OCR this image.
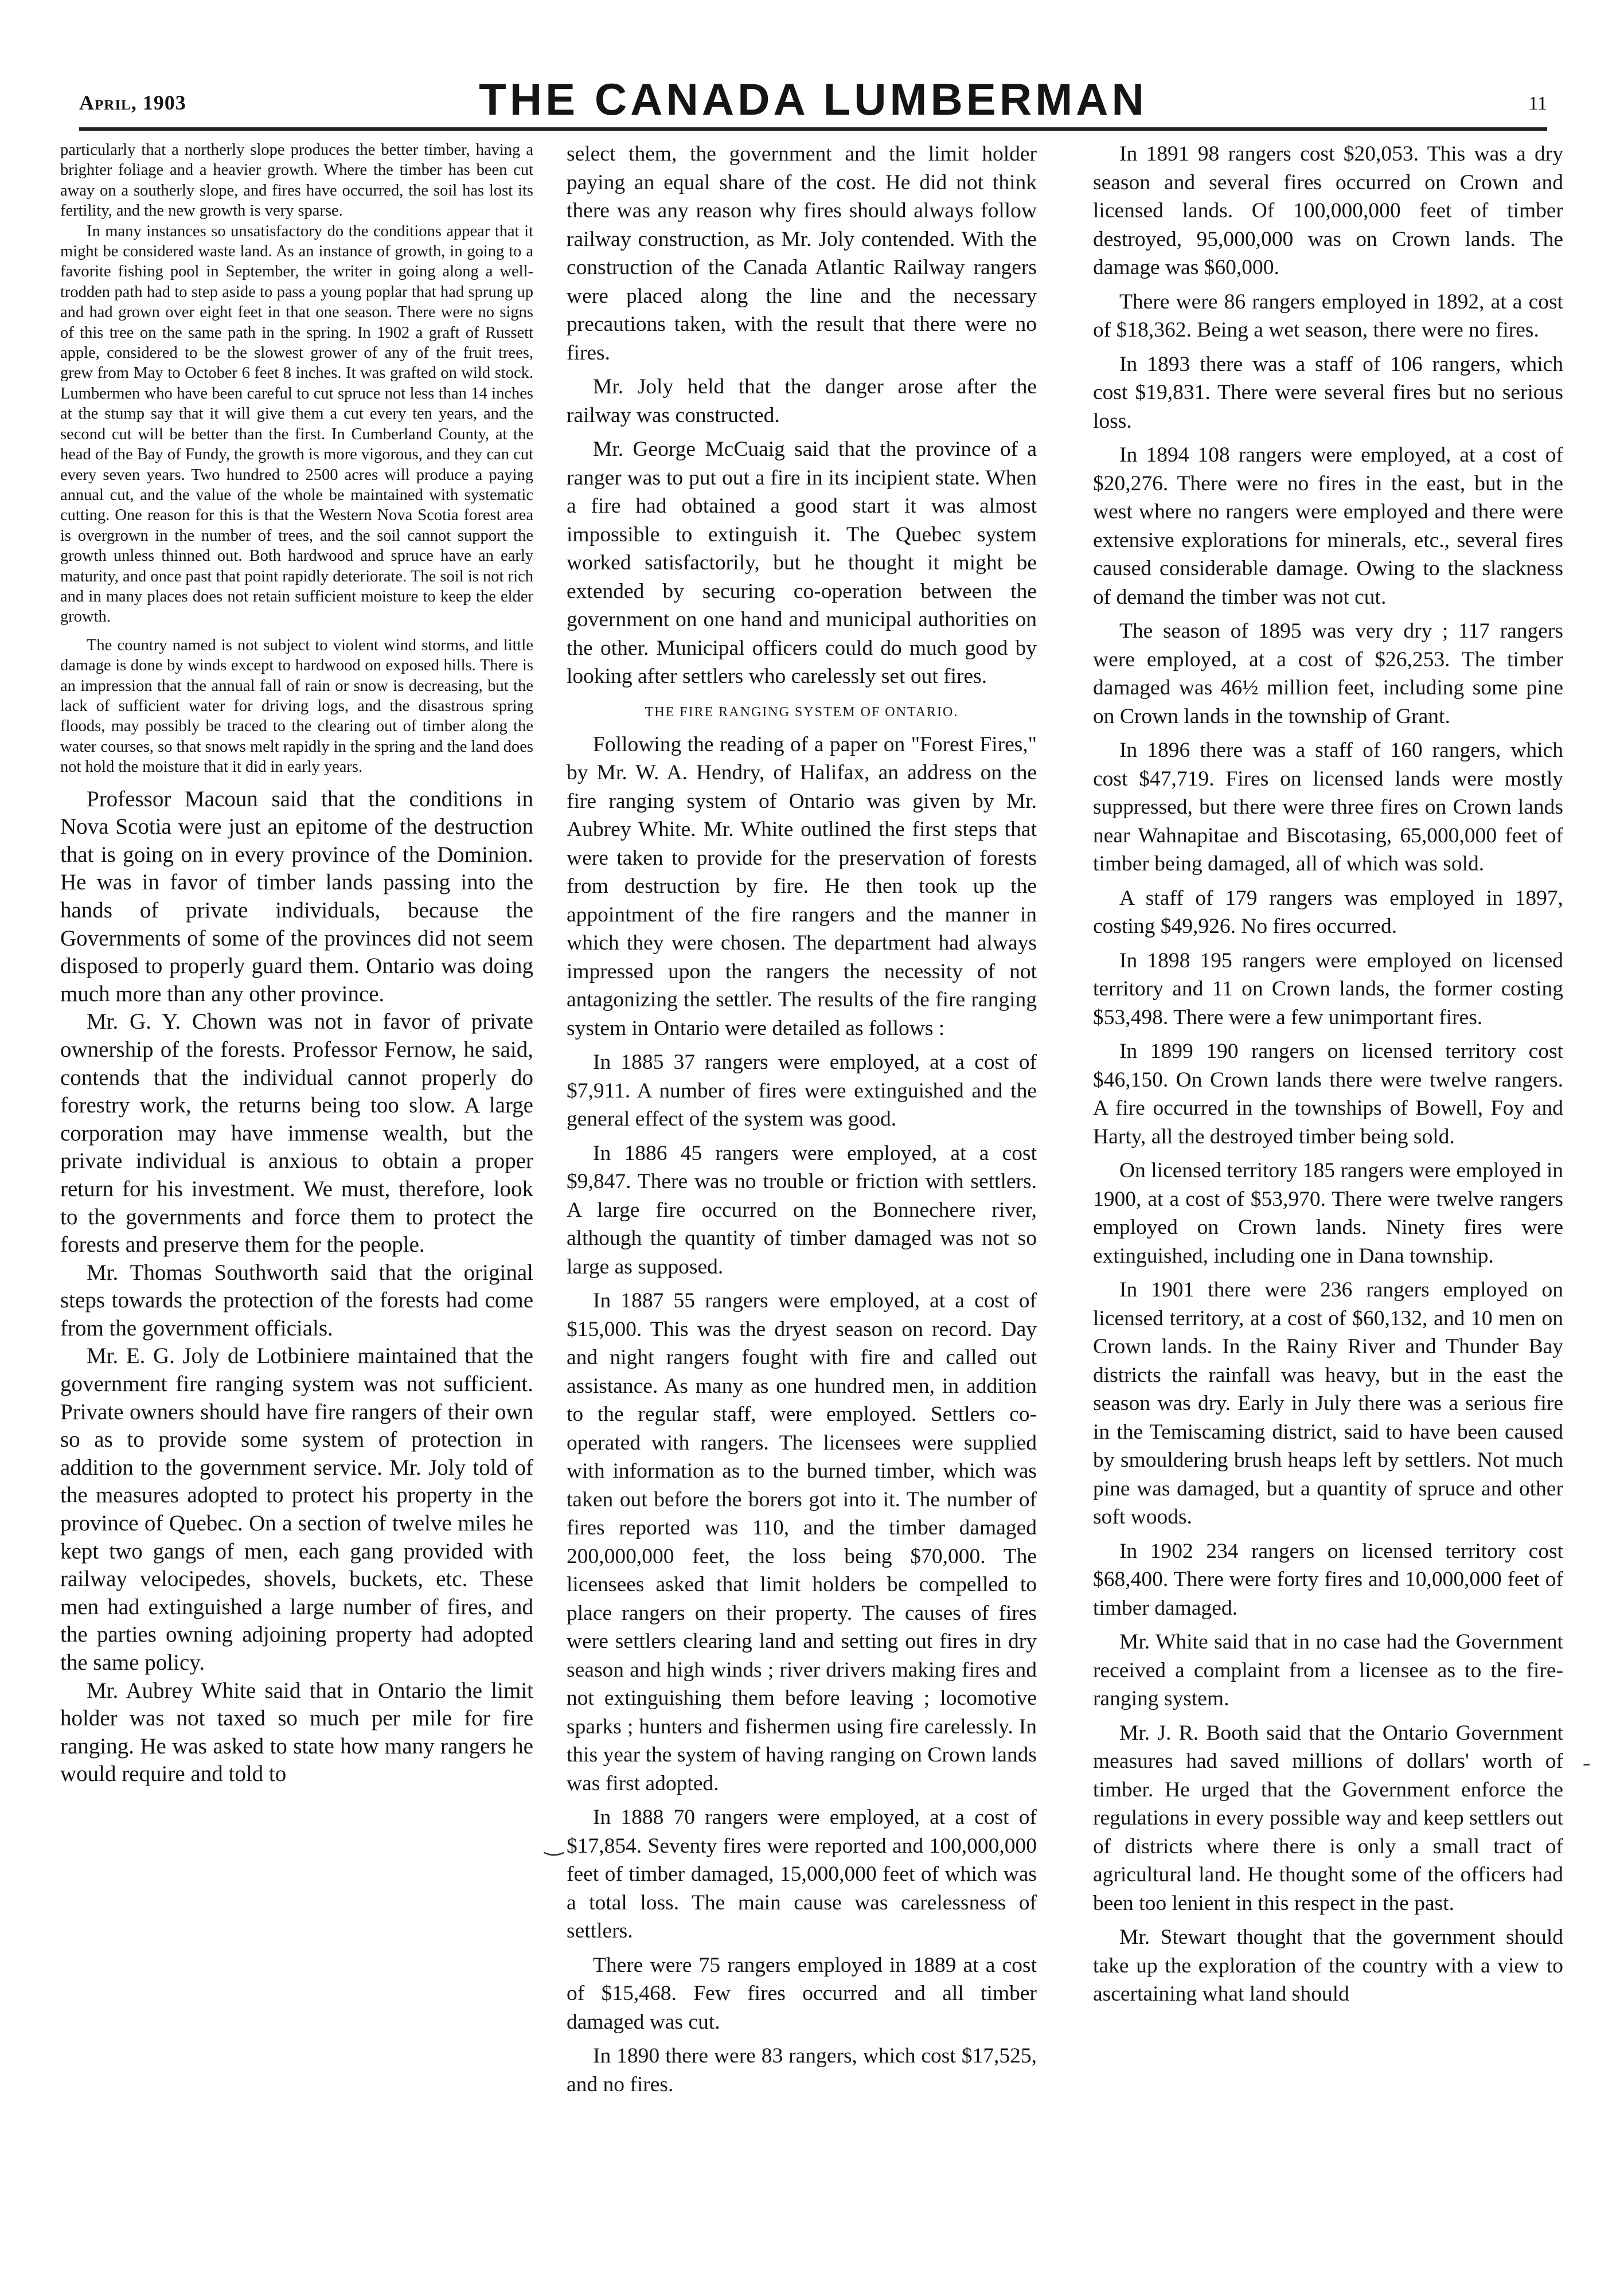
April, 1903	THE CANADA LUMBERMAN	11

particularly that a northerly slope produces the better timber, having a brighter foliage and a heavier growth. Where the timber has been cut away on a southerly slope, and fires have occurred, the soil has lost its fertility, and the new growth is very sparse.

In many instances so unsatisfactory do the conditions appear that it might be considered waste land. As an instance of growth, in going to a favorite fishing pool in September, the writer in going along a well-trodden path had to step aside to pass a young poplar that had sprung up and had grown over eight feet in that one season. There were no signs of this tree on the same path in the spring. In 1902 a graft of Russett apple, considered to be the slowest grower of any of the fruit trees, grew from May to October 6 feet 8 inches. It was grafted on wild stock. Lumbermen who have been careful to cut spruce not less than 14 inches at the stump say that it will give them a cut every ten years, and the second cut will be better than the first. In Cumberland County, at the head of the Bay of Fundy, the growth is more vigorous, and they can cut every seven years. Two hundred to 2500 acres will produce a paying annual cut, and the value of the whole be maintained with systematic cutting. One reason for this is that the Western Nova Scotia forest area is overgrown in the number of trees, and the soil cannot support the growth unless thinned out. Both hardwood and spruce have an early maturity, and once past that point rapidly deteriorate. The soil is not rich and in many places does not retain sufficient moisture to keep the elder growth.

The country named is not subject to violent wind storms, and little damage is done by winds except to hardwood on exposed hills. There is an impression that the annual fall of rain or snow is decreasing, but the lack of sufficient water for driving logs, and the disastrous spring floods, may possibly be traced to the clearing out of timber along the water courses, so that snows melt rapidly in the spring and the land does not hold the moisture that it did in early years.

Professor Macoun said that the conditions in Nova Scotia were just an epitome of the destruction that is going on in every province of the Dominion. He was in favor of timber lands passing into the hands of private individuals, because the Governments of some of the provinces did not seem disposed to properly guard them. Ontario was doing much more than any other province.

Mr. G. Y. Chown was not in favor of private ownership of the forests. Professor Fernow, he said, contends that the individual cannot properly do forestry work, the returns being too slow. A large corporation may have immense wealth, but the private individual is anxious to obtain a proper return for his investment. We must, therefore, look to the governments and force them to protect the forests and preserve them for the people.

Mr. Thomas Southworth said that the original steps towards the protection of the forests had come from the government officials.

Mr. E. G. Joly de Lotbiniere maintained that the government fire ranging system was not sufficient. Private owners should have fire rangers of their own so as to provide some system of protection in addition to the government service. Mr. Joly told of the measures adopted to protect his property in the province of Quebec. On a section of twelve miles he kept two gangs of men, each gang provided with railway velocipedes, shovels, buckets, etc. These men had extinguished a large number of fires, and the parties owning adjoining property had adopted the same policy.

Mr. Aubrey White said that in Ontario the limit holder was not taxed so much per mile for fire ranging. He was asked to state how many rangers he would require and told to

select them, the government and the limit holder paying an equal share of the cost. He did not think there was any reason why fires should always follow railway construction, as Mr. Joly contended. With the construction of the Canada Atlantic Railway rangers were placed along the line and the necessary precautions taken, with the result that there were no fires.

Mr. Joly held that the danger arose after the railway was constructed.

Mr. George McCuaig said that the province of a ranger was to put out a fire in its incipient state. When a fire had obtained a good start it was almost impossible to extinguish it. The Quebec system worked satisfactorily, but he thought it might be extended by securing co-operation between the government on one hand and municipal authorities on the other. Municipal officers could do much good by looking after settlers who carelessly set out fires.

THE FIRE RANGING SYSTEM OF ONTARIO.

Following the reading of a paper on "Forest Fires," by Mr. W. A. Hendry, of Halifax, an address on the fire ranging system of Ontario was given by Mr. Aubrey White. Mr. White outlined the first steps that were taken to provide for the preservation of forests from destruction by fire. He then took up the appointment of the fire rangers and the manner in which they were chosen. The department had always impressed upon the rangers the necessity of not antagonizing the settler. The results of the fire ranging system in Ontario were detailed as follows :

In 1885 37 rangers were employed, at a cost of $7,911. A number of fires were extinguished and the general effect of the system was good.

In 1886 45 rangers were employed, at a cost $9,847. There was no trouble or friction with settlers. A large fire occurred on the Bonnechere river, although the quantity of timber damaged was not so large as supposed.

In 1887 55 rangers were employed, at a cost of $15,000. This was the dryest season on record. Day and night rangers fought with fire and called out assistance. As many as one hundred men, in addition to the regular staff, were employed. Settlers co-operated with rangers. The licensees were supplied with information as to the burned timber, which was taken out before the borers got into it. The number of fires reported was 110, and the timber damaged 200,000,000 feet, the loss being $70,000. The licensees asked that limit holders be compelled to place rangers on their property. The causes of fires were settlers clearing land and setting out fires in dry season and high winds ; river drivers making fires and not extinguishing them before leaving ; locomotive sparks ; hunters and fishermen using fire carelessly. In this year the system of having ranging on Crown lands was first adopted.

In 1888 70 rangers were employed, at a cost of $17,854. Seventy fires were reported and 100,000,000 feet of timber damaged, 15,000,000 feet of which was a total loss. The main cause was carelessness of settlers.

There were 75 rangers employed in 1889 at a cost of $15,468. Few fires occurred and all timber damaged was cut.

In 1890 there were 83 rangers, which cost $17,525, and no fires.

In 1891 98 rangers cost $20,053. This was a dry season and several fires occurred on Crown and licensed lands. Of 100,000,000 feet of timber destroyed, 95,000,000 was on Crown lands. The damage was $60,000.

There were 86 rangers employed in 1892, at a cost of $18,362. Being a wet season, there were no fires.

In 1893 there was a staff of 106 rangers, which cost $19,831. There were several fires but no serious loss.

In 1894 108 rangers were employed, at a cost of $20,276. There were no fires in the east, but in the west where no rangers were employed and there were extensive explorations for minerals, etc., several fires caused considerable damage. Owing to the slackness of demand the timber was not cut.

The season of 1895 was very dry ; 117 rangers were employed, at a cost of $26,253. The timber damaged was 46½ million feet, including some pine on Crown lands in the township of Grant.

In 1896 there was a staff of 160 rangers, which cost $47,719. Fires on licensed lands were mostly suppressed, but there were three fires on Crown lands near Wahnapitae and Biscotasing, 65,000,000 feet of timber being damaged, all of which was sold.

A staff of 179 rangers was employed in 1897, costing $49,926. No fires occurred.

In 1898 195 rangers were employed on licensed territory and 11 on Crown lands, the former costing $53,498. There were a few unimportant fires.

In 1899 190 rangers on licensed territory cost $46,150. On Crown lands there were twelve rangers. A fire occurred in the townships of Bowell, Foy and Harty, all the destroyed timber being sold.

On licensed territory 185 rangers were employed in 1900, at a cost of $53,970. There were twelve rangers employed on Crown lands. Ninety fires were extinguished, including one in Dana township.

In 1901 there were 236 rangers employed on licensed territory, at a cost of $60,132, and 10 men on Crown lands. In the Rainy River and Thunder Bay districts the rainfall was heavy, but in the east the season was dry. Early in July there was a serious fire in the Temiscaming district, said to have been caused by smouldering brush heaps left by settlers. Not much pine was damaged, but a quantity of spruce and other soft woods.

In 1902 234 rangers on licensed territory cost $68,400. There were forty fires and 10,000,000 feet of timber damaged.

Mr. White said that in no case had the Government received a complaint from a licensee as to the fire-ranging system.

Mr. J. R. Booth said that the Ontario Government measures had saved millions of dollars' worth of timber. He urged that the Government enforce the regulations in every possible way and keep settlers out of districts where there is only a small tract of agricultural land. He thought some of the officers had been too lenient in this respect in the past.

Mr. Stewart thought that the government should take up the exploration of the country with a view to ascertaining what land should

-
‿
